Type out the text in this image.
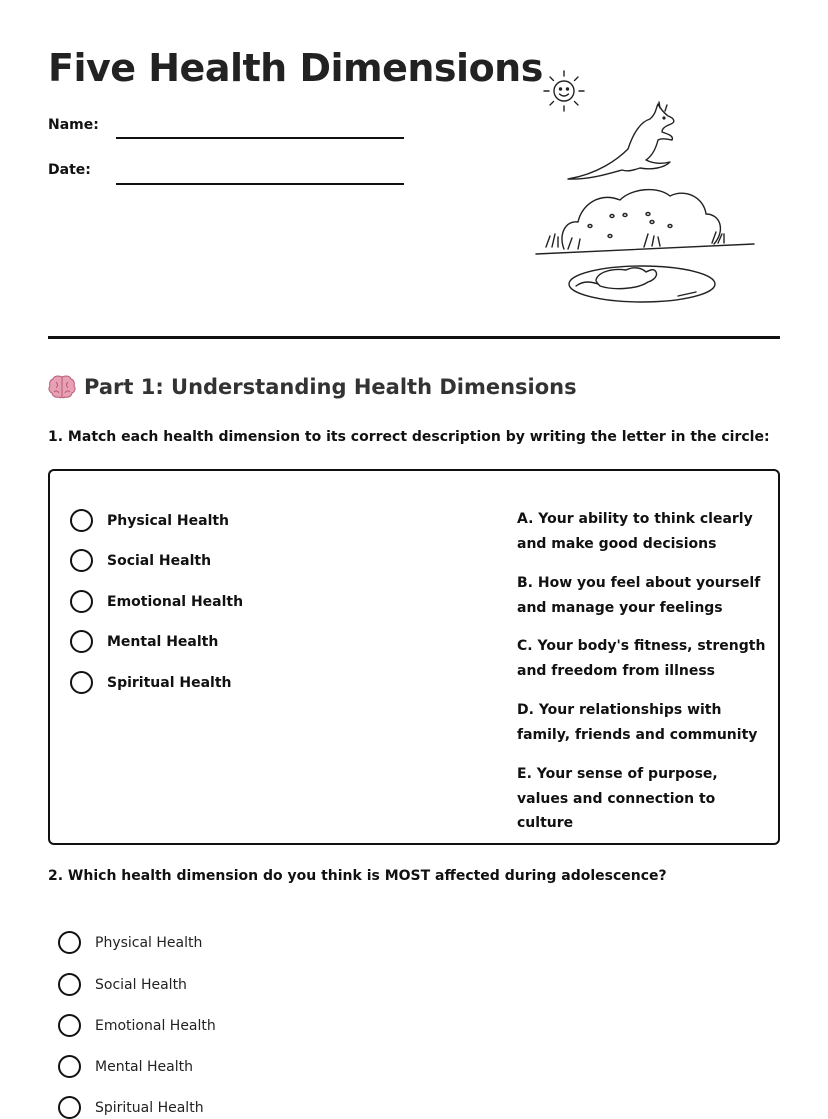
Five Health Dimensions
Name:
Date:
Part 1: Understanding Health Dimensions

1. Match each health dimension to its correct description by writing the letter in the circle:

Physical Health
Social Health
Emotional Health
Mental Health
Spiritual Health
A. Your ability to think clearly and make good decisions
B. How you feel about yourself and manage your feelings
C. Your body's fitness, strength and freedom from illness
D. Your relationships with family, friends and community
E. Your sense of purpose, values and connection to culture

2. Which health dimension do you think is MOST affected during adolescence?

Physical Health
Social Health
Emotional Health
Mental Health
Spiritual Health
